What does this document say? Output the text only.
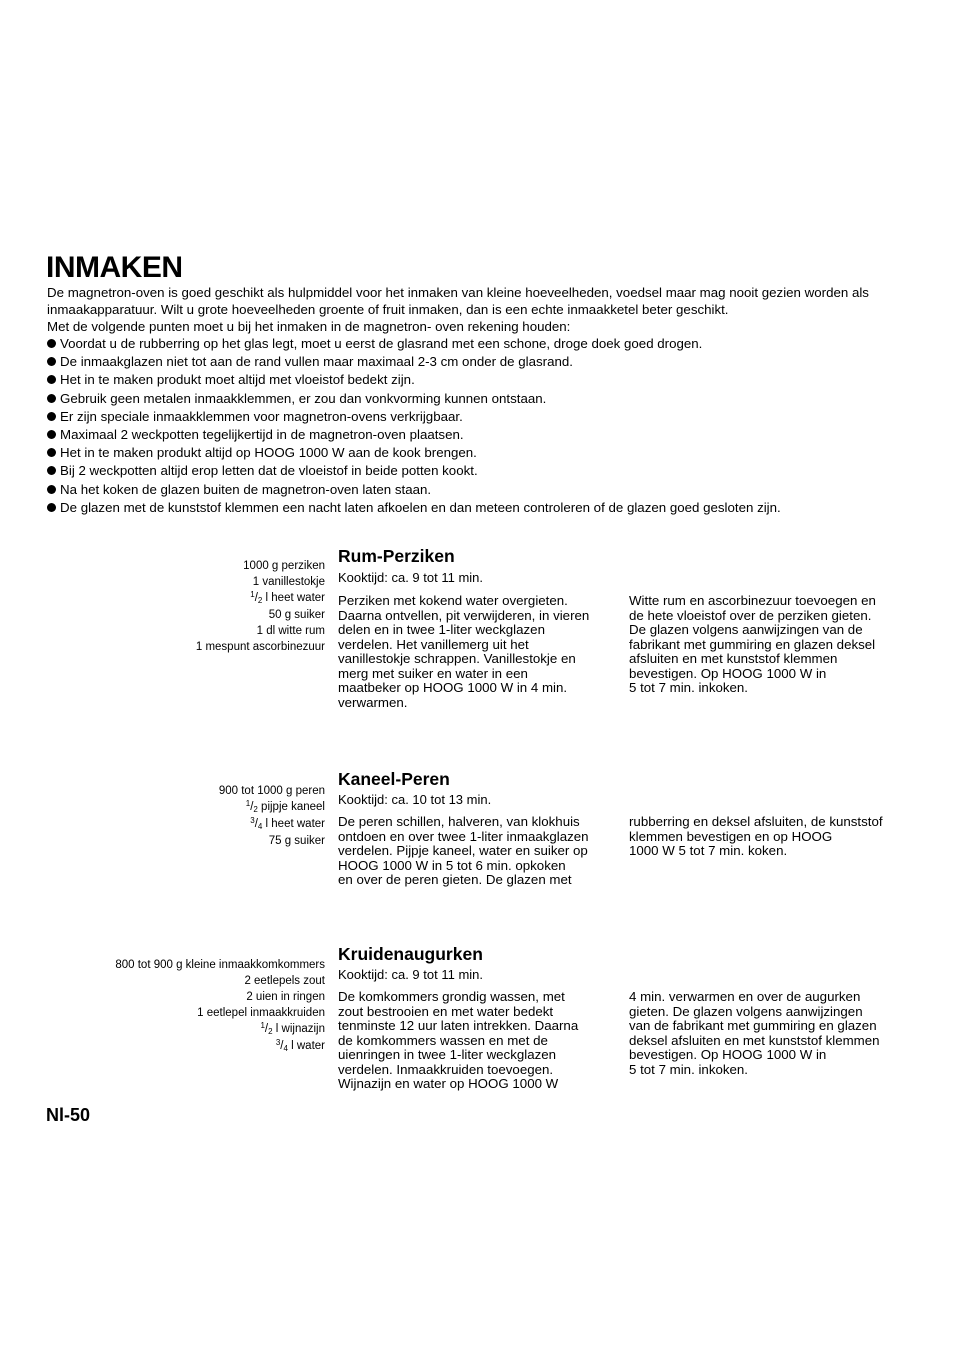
INMAKEN

De magnetron-oven is goed geschikt als hulpmiddel voor het inmaken van kleine hoeveelheden, voedsel maar mag nooit gezien worden als inmaakapparatuur. Wilt u grote hoeveelheden groente of fruit inmaken, dan is een echte inmaakketel beter geschikt.

Met de volgende punten moet u bij het inmaken in de magnetron- oven rekening houden:

Voordat u de rubberring op het glas legt, moet u eerst de glasrand met een schone, droge doek goed drogen.
De inmaakglazen niet tot aan de rand vullen maar maximaal 2-3 cm onder de glasrand.
Het in te maken produkt moet altijd met vloeistof bedekt zijn.
Gebruik geen metalen inmaakklemmen, er zou dan vonkvorming kunnen ontstaan.
Er zijn speciale inmaakklemmen voor magnetron-ovens verkrijgbaar.
Maximaal 2 weckpotten tegelijkertijd in de magnetron-oven plaatsen.
Het in te maken produkt altijd op HOOG 1000 W aan de kook brengen.
Bij 2 weckpotten altijd erop letten dat de vloeistof in beide potten kookt.
Na het koken de glazen buiten de magnetron-oven laten staan.
De glazen met de kunststof klemmen een nacht laten afkoelen en dan meteen controleren of de glazen goed gesloten zijn.
1000 g perziken
1 vanillestokje
$^1$/2 l heet water
50 g suiker
1 dl witte rum
1 mespunt ascorbinezuur
Rum-Perziken
Kooktijd: ca. 9 tot 11 min.
Perziken met kokend water overgieten.
Daarna ontvellen, pit verwijderen, in vieren
delen en in twee 1-liter weckglazen
verdelen. Het vanillemerg uit het
vanillestokje schrappen. Vanillestokje en
merg met suiker en water in een
maatbeker op HOOG 1000 W in 4 min.
verwarmen.
Witte rum en ascorbinezuur toevoegen en
de hete vloeistof over de perziken gieten.
De glazen volgens aanwijzingen van de
fabrikant met gummiring en glazen deksel
afsluiten en met kunststof klemmen
bevestigen. Op HOOG 1000 W in
5 tot 7 min. inkoken.
900 tot 1000 g peren
$^1$/2 pijpje kaneel
$^3$/4 l heet water
75 g suiker
Kaneel-Peren
Kooktijd: ca. 10 tot 13 min.
De peren schillen, halveren, van klokhuis
ontdoen en over twee 1-liter inmaakglazen
verdelen. Pijpje kaneel, water en suiker op
HOOG 1000 W in 5 tot 6 min. opkoken
en over de peren gieten. De glazen met
rubberring en deksel afsluiten, de kunststof
klemmen bevestigen en op HOOG
1000 W 5 tot 7 min. koken.
800 tot 900 g kleine inmaakkomkommers
2 eetlepels zout
2 uien in ringen
1 eetlepel inmaakkruiden
$^1$/2 l wijnazijn
$^3$/4 l water
Kruidenaugurken
Kooktijd: ca. 9 tot 11 min.
De komkommers grondig wassen, met
zout bestrooien en met water bedekt
tenminste 12 uur laten intrekken. Daarna
de komkommers wassen en met de
uienringen in twee 1-liter weckglazen
verdelen. Inmaakkruiden toevoegen.
Wijnazijn en water op HOOG 1000 W
4 min. verwarmen en over de augurken
gieten. De glazen volgens aanwijzingen
van de fabrikant met gummiring en glazen
deksel afsluiten en met kunststof klemmen
bevestigen. Op HOOG 1000 W in
5 tot 7 min. inkoken.
Nl-50
